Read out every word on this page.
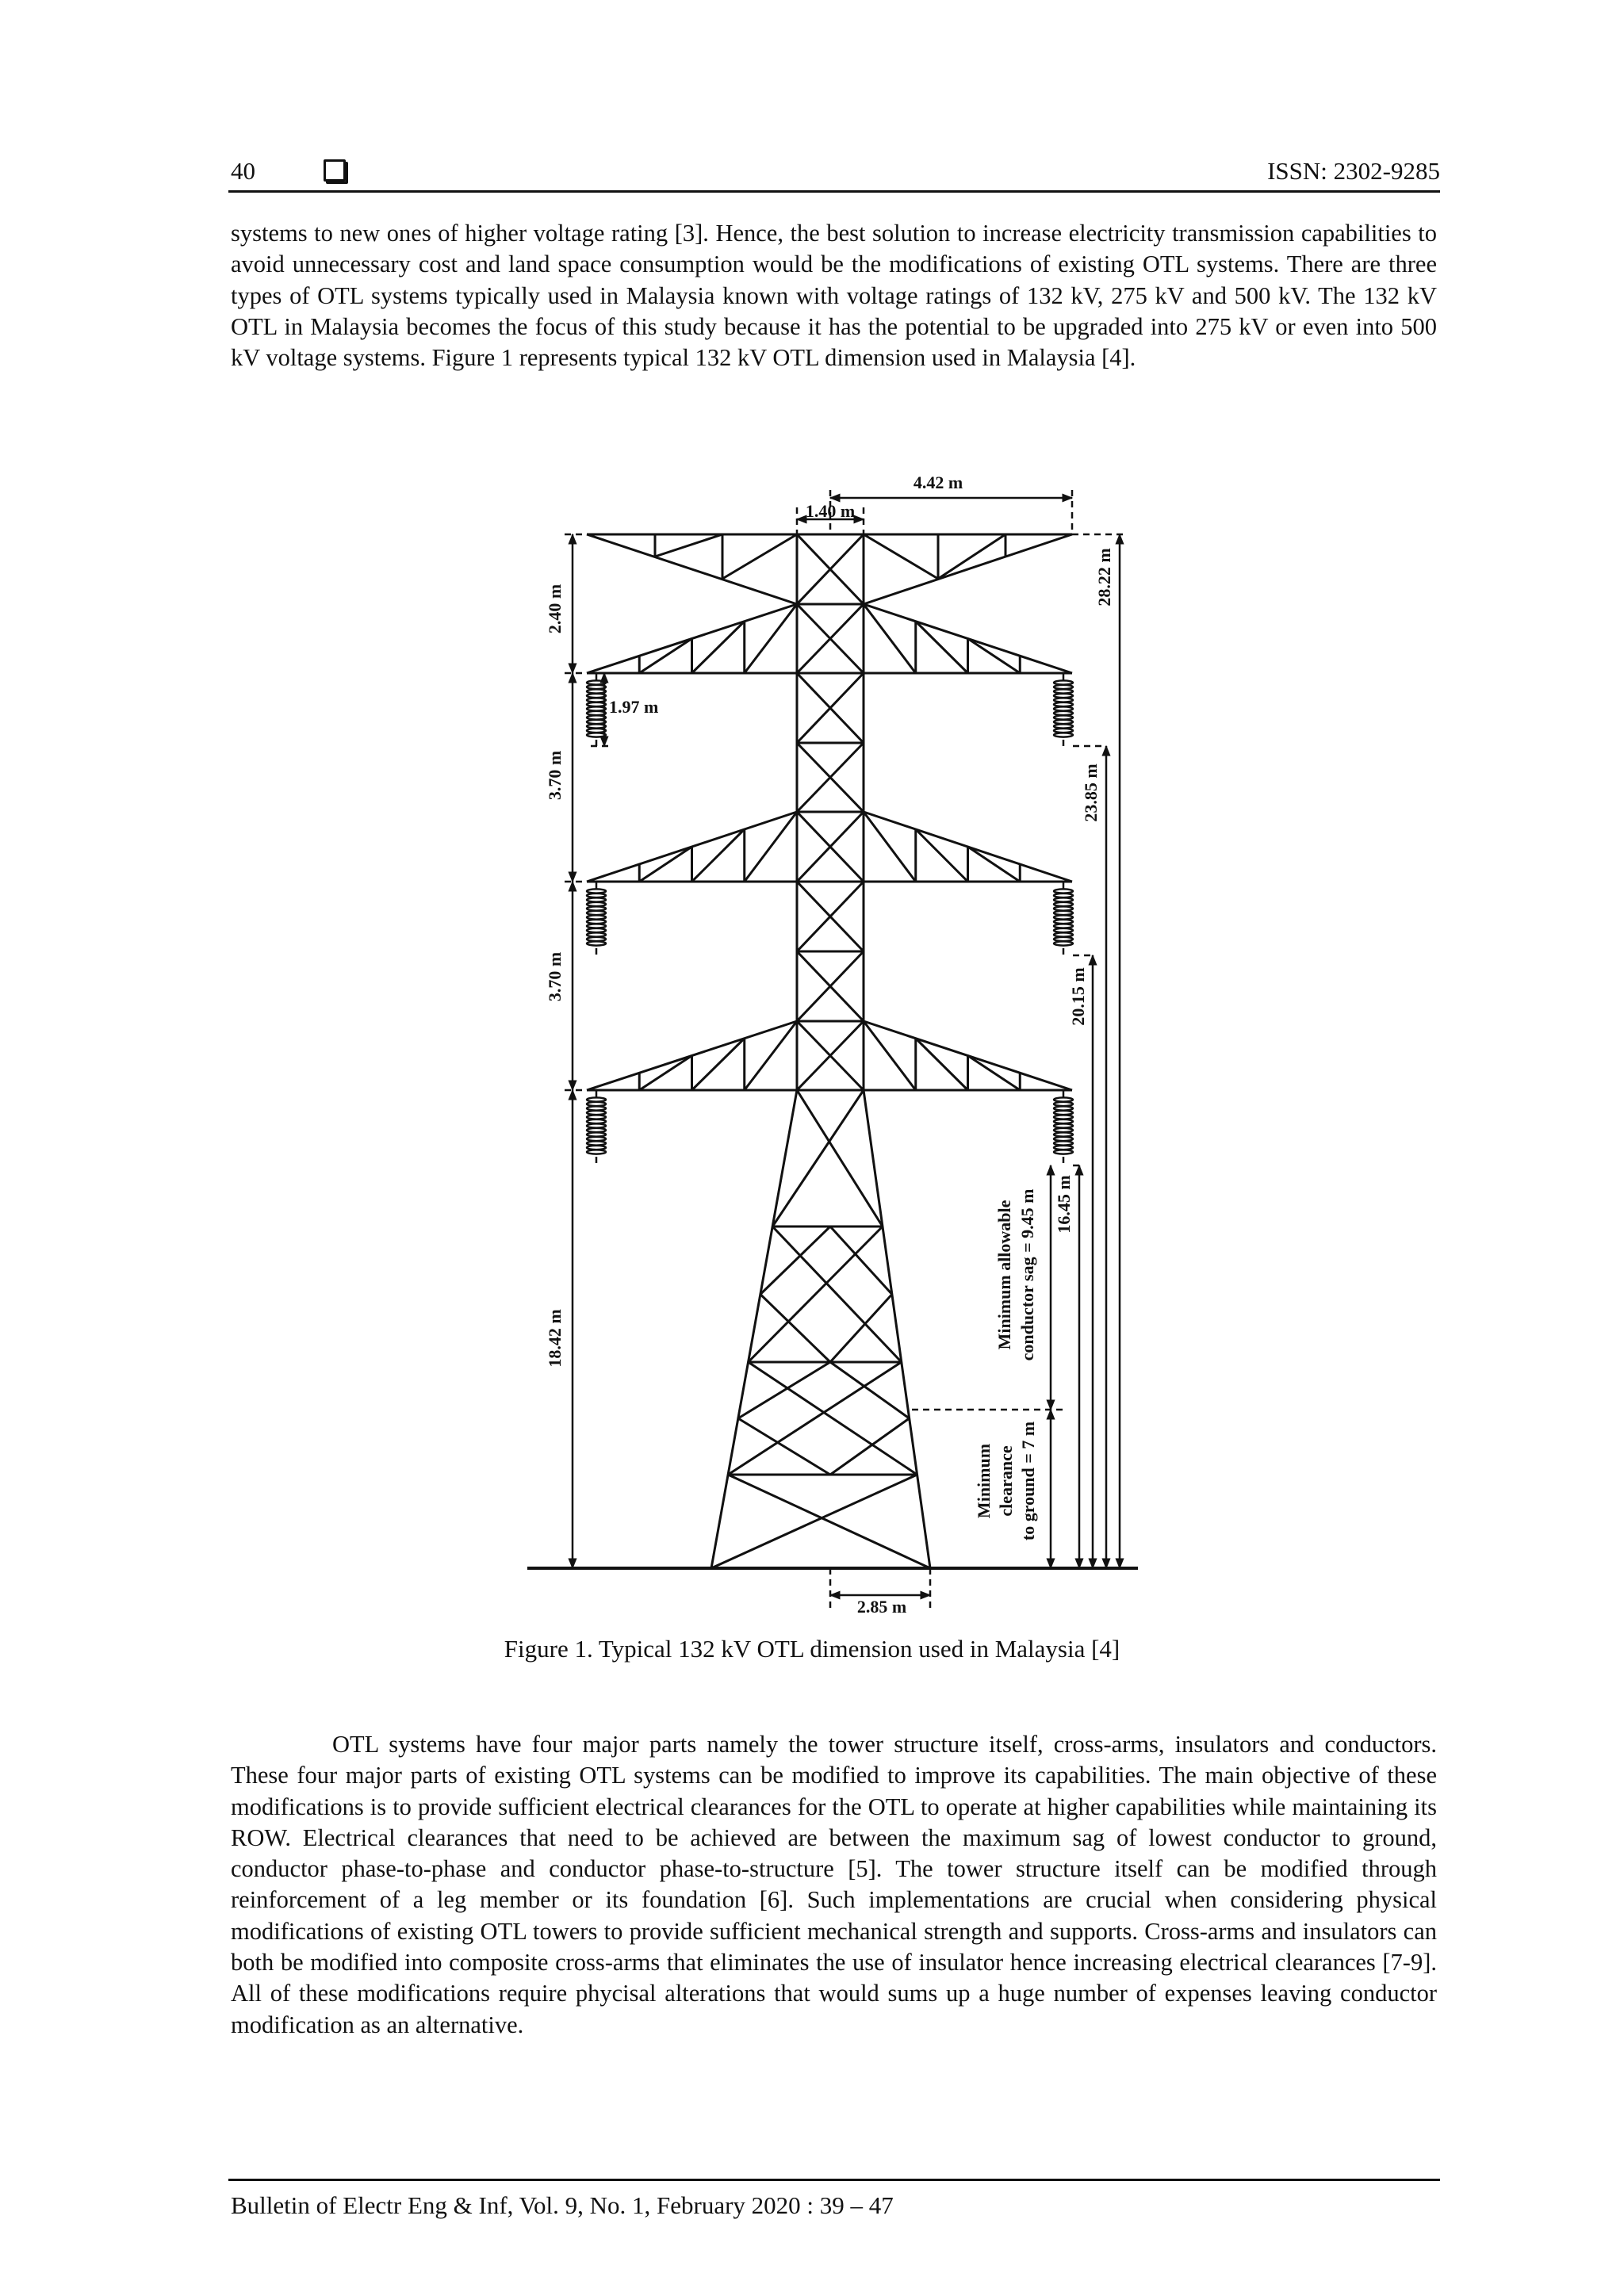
40	ISSN: 2302-9285

systems to new ones of higher voltage rating [3]. Hence, the best solution to increase electricity transmission capabilities to avoid unnecessary cost and land space consumption would be the modifications of existing OTL systems. There are three types of OTL systems typically used in Malaysia known with voltage ratings of 132 kV, 275 kV and 500 kV. The 132 kV OTL in Malaysia becomes the focus of this study because it has the potential to be upgraded into 275 kV or even into 500 kV voltage systems. Figure 1 represents typical 132 kV OTL dimension used in Malaysia [4].

4.42 m
1.40 m
1.97 m
2.85 m
2.40 m
3.70 m
3.70 m
18.42 m
28.22 m
23.85 m
20.15 m
16.45 m
Minimum allowable conductor sag = 9.45 m
Minimum clearance to ground = 7 m
Figure 1. Typical 132 kV OTL dimension used in Malaysia [4]

OTL systems have four major parts namely the tower structure itself, cross-arms, insulators and conductors. These four major parts of existing OTL systems can be modified to improve its capabilities. The main objective of these modifications is to provide sufficient electrical clearances for the OTL to operate at higher capabilities while maintaining its ROW. Electrical clearances that need to be achieved are between the maximum sag of lowest conductor to ground, conductor phase-to-phase and conductor phase-to-structure [5]. The tower structure itself can be modified through reinforcement of a leg member or its foundation [6]. Such implementations are crucial when considering physical modifications of existing OTL towers to provide sufficient mechanical strength and supports. Cross-arms and insulators can both be modified into composite cross-arms that eliminates the use of insulator hence increasing electrical clearances [7-9]. All of these modifications require phycisal alterations that would sums up a huge number of expenses leaving conductor modification as an alternative.

Bulletin of Electr Eng & Inf, Vol. 9, No. 1, February 2020 : 39 – 47
